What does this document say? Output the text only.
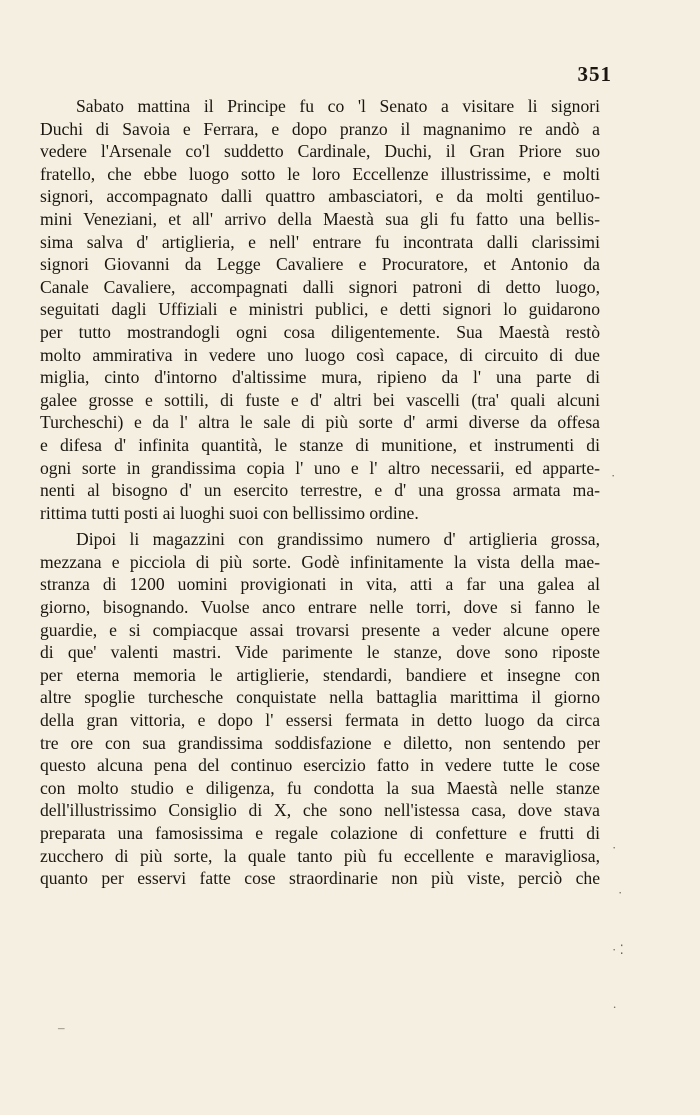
351
Sabato mattina il Principe fu co 'l Senato a visitare li signori
Duchi di Savoia e Ferrara, e dopo pranzo il magnanimo re andò a
vedere l'Arsenale co'l suddetto Cardinale, Duchi, il Gran Priore suo
fratello, che ebbe luogo sotto le loro Eccellenze illustrissime, e molti
signori, accompagnato dalli quattro ambasciatori, e da molti gentiluo-
mini Veneziani, et all' arrivo della Maestà sua gli fu fatto una bellis-
sima salva d' artiglieria, e nell' entrare fu incontrata dalli clarissimi
signori Giovanni da Legge Cavaliere e Procuratore, et Antonio da
Canale Cavaliere, accompagnati dalli signori patroni di detto luogo,
seguitati dagli Uffiziali e ministri publici, e detti signori lo guidarono
per tutto mostrandogli ogni cosa diligentemente. Sua Maestà restò
molto ammirativa in vedere uno luogo così capace, di circuito di due
miglia, cinto d'intorno d'altissime mura, ripieno da l' una parte di
galee grosse e sottili, di fuste e d' altri bei vascelli (tra' quali alcuni
Turcheschi) e da l' altra le sale di più sorte d' armi diverse da offesa
e difesa d' infinita quantità, le stanze di munitione, et instrumenti di
ogni sorte in grandissima copia l' uno e l' altro necessarii, ed apparte-
nenti al bisogno d' un esercito terrestre, e d' una grossa armata ma-
rittima tutti posti ai luoghi suoi con bellissimo ordine.
Dipoi li magazzini con grandissimo numero d' artiglieria grossa,
mezzana e picciola di più sorte. Godè infinitamente la vista della mae-
stranza di 1200 uomini provigionati in vita, atti a far una galea al
giorno, bisognando. Vuolse anco entrare nelle torri, dove si fanno le
guardie, e si compiacque assai trovarsi presente a veder alcune opere
di que' valenti mastri. Vide parimente le stanze, dove sono riposte
per eterna memoria le artiglierie, stendardi, bandiere et insegne con
altre spoglie turchesche conquistate nella battaglia marittima il giorno
della gran vittoria, e dopo l' essersi fermata in detto luogo da circa
tre ore con sua grandissima soddisfazione e diletto, non sentendo per
questo alcuna pena del continuo esercizio fatto in vedere tutte le cose
con molto studio e diligenza, fu condotta la sua Maestà nelle stanze
dell'illustrissimo Consiglio di X, che sono nell'istessa casa, dove stava
preparata una famosissima e regale colazione di confetture e frutti di
zucchero di più sorte, la quale tanto più fu eccellente e maravigliosa,
quanto per esservi fatte cose straordinarie non più viste, perciò che
·
·
·
· ⁚
.
‒
